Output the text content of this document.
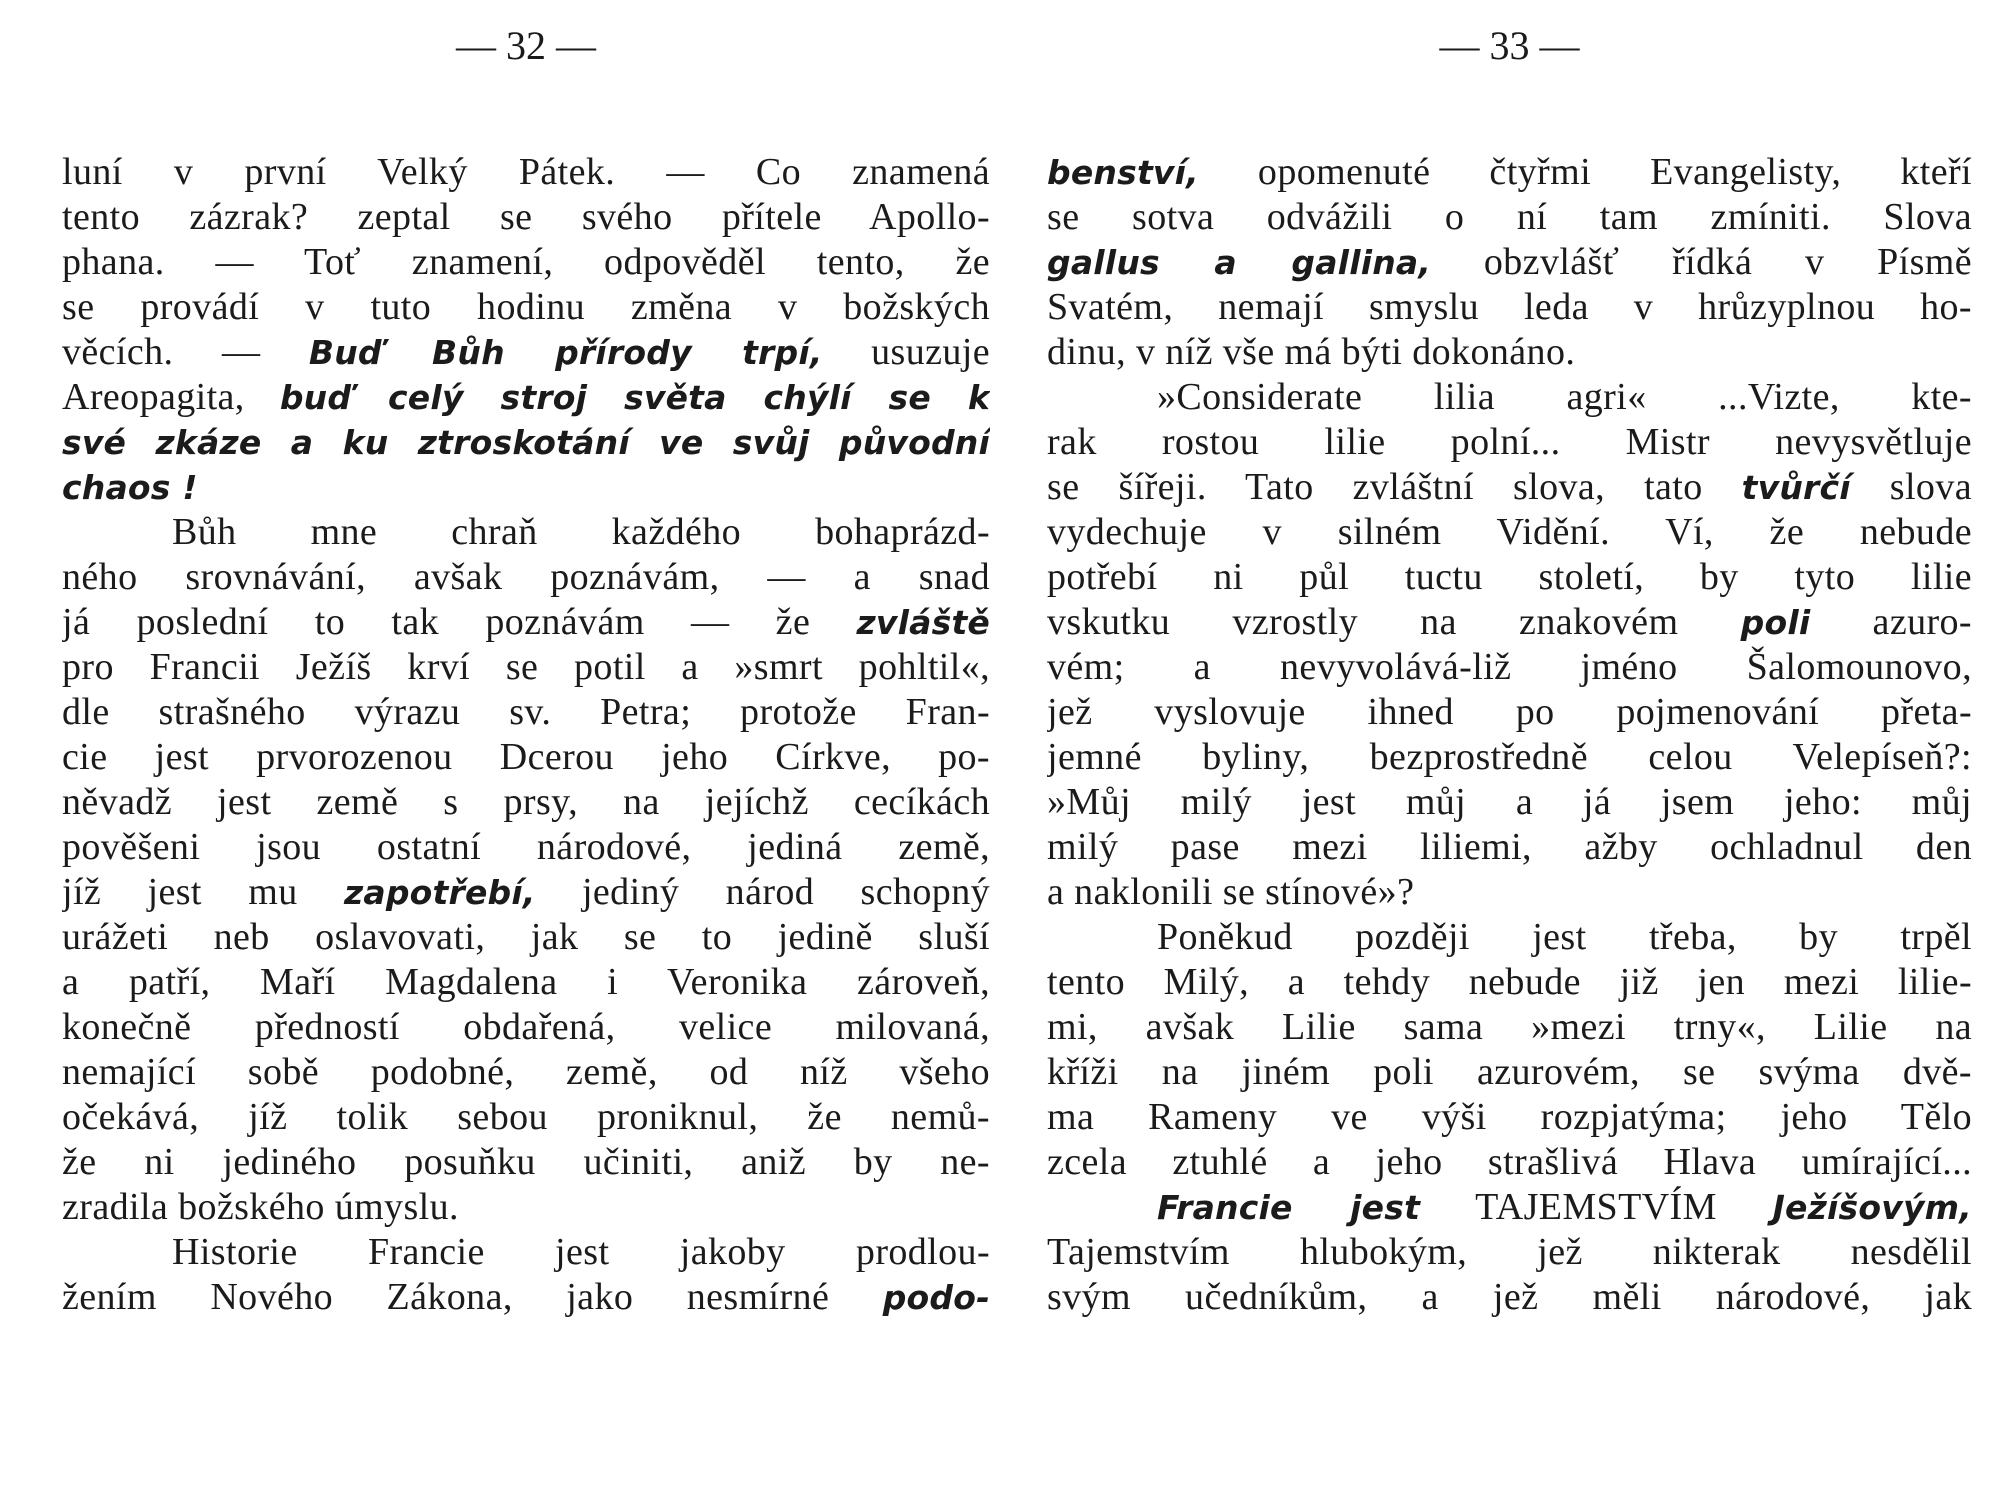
— 32 —
luní v první Velký Pátek. — Co znamená
tento zázrak? zeptal se svého přítele Apollo-
phana. — Toť znamení, odpověděl tento, že
se provádí v tuto hodinu změna v božských
věcích. — Buď Bůh přírody trpí, usuzuje
Areopagita, buď celý stroj světa chýlí se k
své zkáze a ku ztroskotání ve svůj původní
chaos !
Bůh mne chraň každého bohaprázd-
ného srovnávání, avšak poznávám, — a snad
já poslední to tak poznávám — že zvláště
pro Francii Ježíš krví se potil a »smrt pohltil«,
dle strašného výrazu sv. Petra; protože Fran-
cie jest prvorozenou Dcerou jeho Církve, po-
něvadž jest země s prsy, na jejíchž cecíkách
pověšeni jsou ostatní národové, jediná země,
jíž jest mu zapotřebí, jediný národ schopný
urážeti neb oslavovati, jak se to jedině sluší
a patří, Maří Magdalena i Veronika zároveň,
konečně předností obdařená, velice milovaná,
nemající sobě podobné, země, od níž všeho
očekává, jíž tolik sebou proniknul, že nemů-
že ni jediného posuňku učiniti, aniž by ne-
zradila božského úmyslu.
Historie Francie jest jakoby prodlou-
žením Nového Zákona, jako nesmírné podo-
— 33 —
benství, opomenuté čtyřmi Evangelisty, kteří
se sotva odvážili o ní tam zmíniti. Slova
gallus a gallina, obzvlášť řídká v Písmě
Svatém, nemají smyslu leda v hrůzyplnou ho-
dinu, v níž vše má býti dokonáno.
»Considerate lilia agri« ...Vizte, kte-
rak rostou lilie polní... Mistr nevysvětluje
se šířeji. Tato zvláštní slova, tato tvůrčí slova
vydechuje v silném Vidění. Ví, že nebude
potřebí ni půl tuctu století, by tyto lilie
vskutku vzrostly na znakovém poli azuro-
vém; a nevyvolává-liž jméno Šalomounovo,
jež vyslovuje ihned po pojmenování přeta-
jemné byliny, bezprostředně celou Velepíseň?:
»Můj milý jest můj a já jsem jeho: můj
milý pase mezi liliemi, ažby ochladnul den
a naklonili se stínové»?
Poněkud později jest třeba, by trpěl
tento Milý, a tehdy nebude již jen mezi lilie-
mi, avšak Lilie sama »mezi trny«, Lilie na
kříži na jiném poli azurovém, se svýma dvě-
ma Rameny ve výši rozpjatýma; jeho Tělo
zcela ztuhlé a jeho strašlivá Hlava umírající...
Francie jest TAJEMSTVÍM Ježíšovým,
Tajemstvím hlubokým, jež nikterak nesdělil
svým učedníkům, a jež měli národové, jak
